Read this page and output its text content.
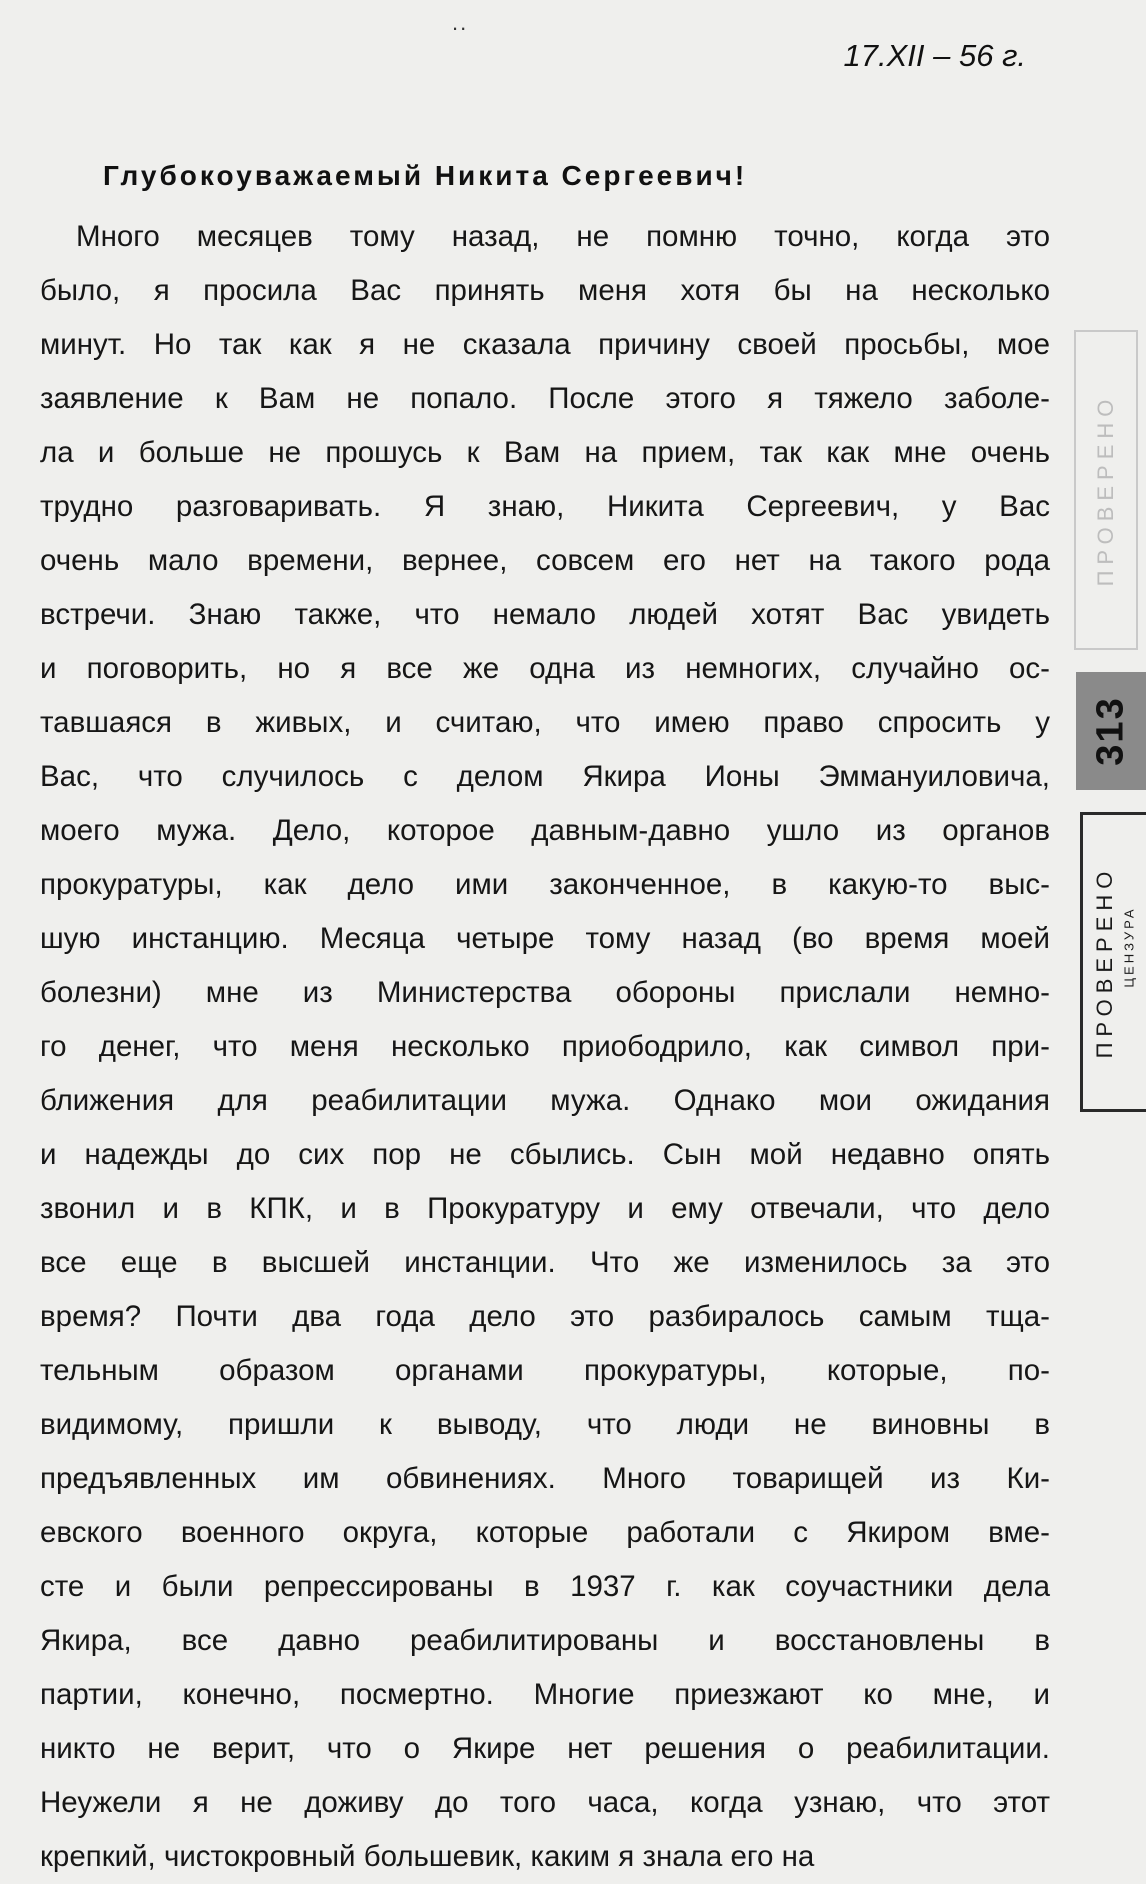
..
17.XII – 56 г.
Глубокоуважаемый Никита Сергеевич!

Много месяцев тому назад, не помню точно, когда это
было, я просила Вас принять меня хотя бы на несколько
минут. Но так как я не сказала причину своей просьбы, мое
заявление к Вам не попало. После этого я тяжело заболе-
ла и больше не прошусь к Вам на прием, так как мне очень
трудно разговаривать. Я знаю, Никита Сергеевич, у Вас
очень мало времени, вернее, совсем его нет на такого рода
встречи. Знаю также, что немало людей хотят Вас увидеть
и поговорить, но я все же одна из немногих, случайно ос-
тавшаяся в живых, и считаю, что имею право спросить у
Вас, что случилось с делом Якира Ионы Эммануиловича,
моего мужа. Дело, которое давным-давно ушло из органов
прокуратуры, как дело ими законченное, в какую-то выс-
шую инстанцию. Месяца четыре тому назад (во время моей
болезни) мне из Министерства обороны прислали немно-
го денег, что меня несколько приободрило, как символ при-
ближения для реабилитации мужа. Однако мои ожидания
и надежды до сих пор не сбылись. Сын мой недавно опять
звонил и в КПК, и в Прокуратуру и ему отвечали, что дело
все еще в высшей инстанции. Что же изменилось за это
время? Почти два года дело это разбиралось самым тща-
тельным образом органами прокуратуры, которые, по-
видимому, пришли к выводу, что люди не виновны в
предъявленных им обвинениях. Много товарищей из Ки-
евского военного округа, которые работали с Якиром вме-
сте и были репрессированы в 1937 г. как соучастники дела
Якира, все давно реабилитированы и восстановлены в
партии, конечно, посмертно. Многие приезжают ко мне, и
никто не верит, что о Якире нет решения о реабилитации.
Неужели я не доживу до того часа, когда узнаю, что этот
крепкий, чистокровный большевик, каким я знала его на

ПРОВЕРЕНО
313
ПРОВЕРЕНО ЦЕНЗУРА
